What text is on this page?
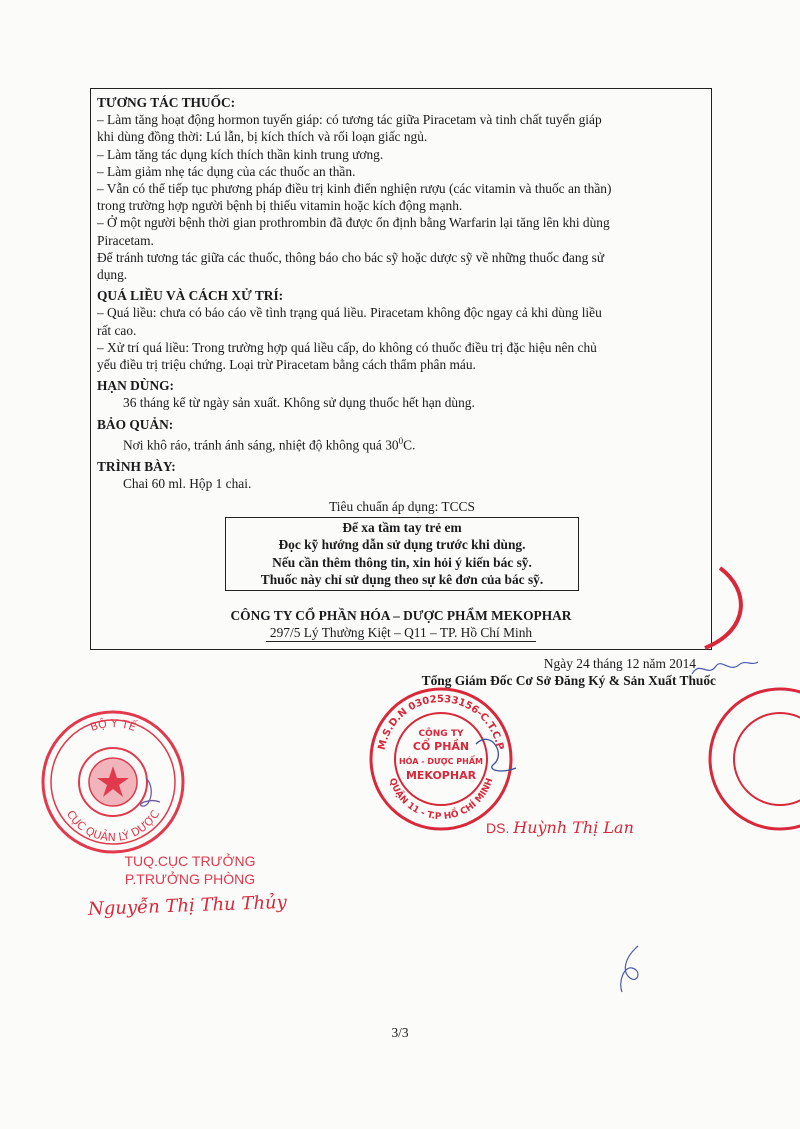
TƯƠNG TÁC THUỐC:
– Làm tăng hoạt động hormon tuyến giáp: có tương tác giữa Piracetam và tinh chất tuyến giáp
khi dùng đồng thời: Lú lẫn, bị kích thích và rối loạn giấc ngủ.
– Làm tăng tác dụng kích thích thần kinh trung ương.
– Làm giảm nhẹ tác dụng của các thuốc an thần.
– Vẫn có thể tiếp tục phương pháp điều trị kinh điển nghiện rượu (các vitamin và thuốc an thần)
trong trường hợp người bệnh bị thiếu vitamin hoặc kích động mạnh.
– Ở một người bệnh thời gian prothrombin đã được ổn định bằng Warfarin lại tăng lên khi dùng
Piracetam.
Để tránh tương tác giữa các thuốc, thông báo cho bác sỹ hoặc dược sỹ về những thuốc đang sử
dụng.
QUÁ LIỀU VÀ CÁCH XỬ TRÍ:
– Quá liều: chưa có báo cáo về tình trạng quá liều. Piracetam không độc ngay cả khi dùng liều
rất cao.
– Xử trí quá liều: Trong trường hợp quá liều cấp, do không có thuốc điều trị đặc hiệu nên chủ
yếu điều trị triệu chứng. Loại trừ Piracetam bằng cách thẩm phân máu.
HẠN DÙNG:
36 tháng kể từ ngày sản xuất. Không sử dụng thuốc hết hạn dùng.
BẢO QUẢN:
Nơi khô ráo, tránh ánh sáng, nhiệt độ không quá $30^0C$.
TRÌNH BÀY:
Chai 60 ml. Hộp 1 chai.
Tiêu chuẩn áp dụng: TCCS
Để xa tầm tay trẻ em
Đọc kỹ hướng dẫn sử dụng trước khi dùng.
Nếu cần thêm thông tin, xin hỏi ý kiến bác sỹ.
Thuốc này chỉ sử dụng theo sự kê đơn của bác sỹ.
CÔNG TY CỔ PHẦN HÓA – DƯỢC PHẨM MEKOPHAR
297/5 Lý Thường Kiệt – Q11 – TP. Hồ Chí Minh
Ngày 24 tháng 12 năm 2014
Tổng Giám Đốc Cơ Sở Đăng Ký & Sản Xuất Thuốc
BỘ Y TẾ
CỤC QUẢN LÝ DƯỢC
TUQ.CỤC TRƯỞNG
P.TRƯỞNG PHÒNG
Nguyễn Thị Thu Thủy
M.S.D.N 0302533156-C.T.C.P
QUẬN 11 - T.P HỒ CHÍ MINH
CÔNG TY
CỔ PHẦN
HÓA - DƯỢC PHẨM
MEKOPHAR
DS. Huỳnh Thị Lan
3/3
